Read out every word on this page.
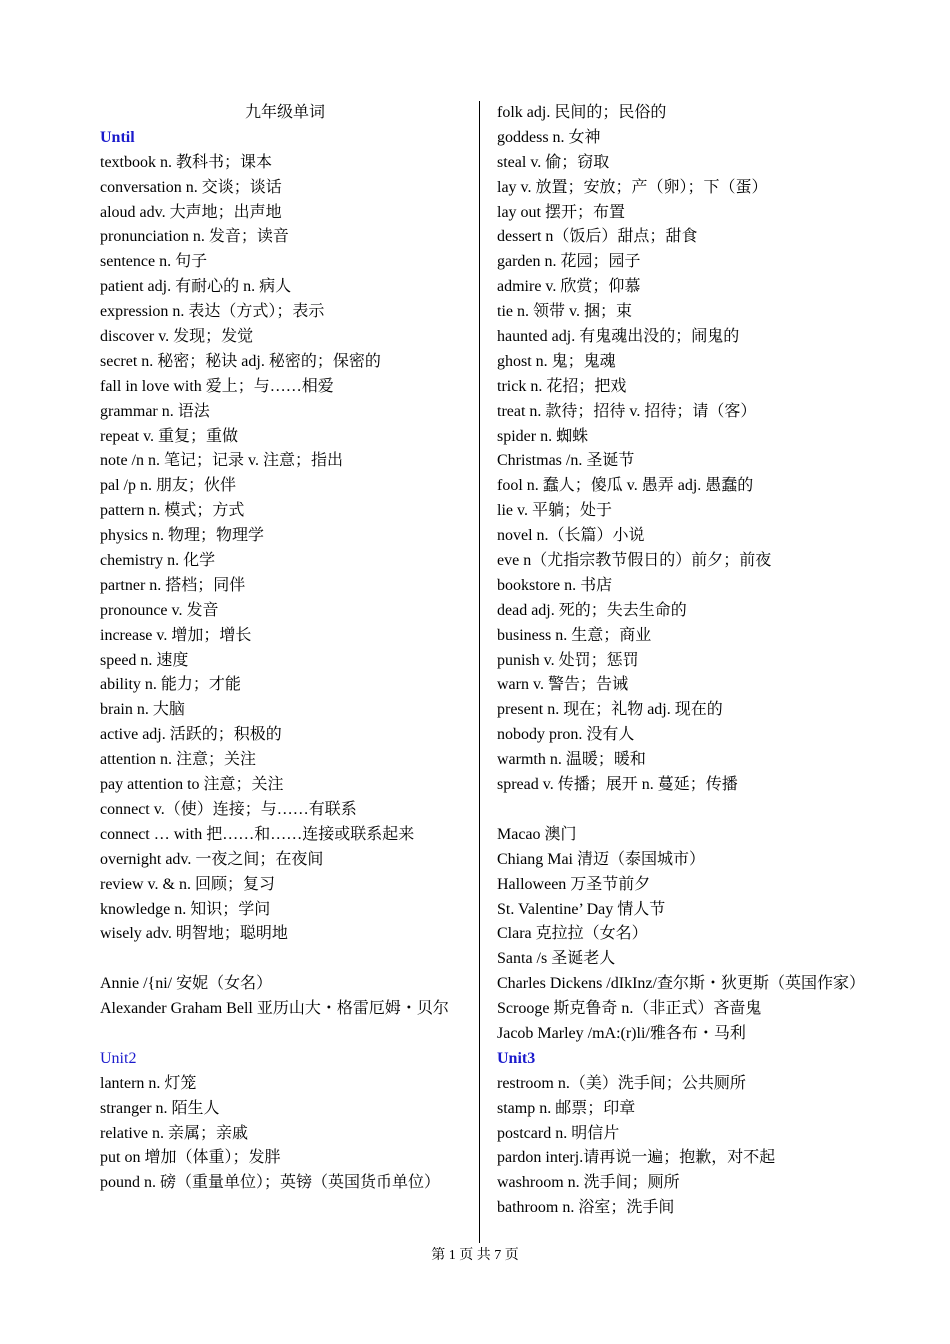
九年级单词
Until
textbook n. 教科书；课本
conversation n. 交谈；谈话
aloud adv. 大声地；出声地
pronunciation n. 发音；读音
sentence n. 句子
patient adj. 有耐心的 n. 病人
expression n. 表达（方式）；表示
discover v. 发现；发觉
secret n. 秘密；秘诀 adj. 秘密的；保密的
fall in love with 爱上；与……相爱
grammar n. 语法
repeat v. 重复；重做
note /n n. 笔记；记录 v. 注意；指出
pal /p n. 朋友；伙伴
pattern n. 模式；方式
physics n. 物理；物理学
chemistry n. 化学
partner n. 搭档；同伴
pronounce v. 发音
increase v. 增加；增长
speed n. 速度
ability n. 能力；才能
brain n. 大脑
active adj. 活跃的；积极的
attention n. 注意；关注
pay attention to 注意；关注
connect v.（使）连接；与……有联系
connect … with 把……和……连接或联系起来
overnight adv. 一夜之间；在夜间
review v. & n. 回顾；复习
knowledge n. 知识；学问
wisely adv. 明智地；聪明地
Annie /{ni/ 安妮（女名）
Alexander Graham Bell 亚历山大・格雷厄姆・贝尔
Unit2
lantern n. 灯笼
stranger n. 陌生人
relative n. 亲属；亲戚
put on 增加（体重）；发胖
pound n. 磅（重量单位）；英镑（英国货币单位）
folk adj. 民间的；民俗的
goddess n. 女神
steal v. 偷；窃取
lay v. 放置；安放；产（卵）；下（蛋）
lay out 摆开；布置
dessert n（饭后）甜点；甜食
garden n. 花园；园子
admire v. 欣赏；仰慕
tie n. 领带 v. 捆；束
haunted adj. 有鬼魂出没的；闹鬼的
ghost n. 鬼；鬼魂
trick n. 花招；把戏
treat n. 款待；招待 v. 招待；请（客）
spider n. 蜘蛛
Christmas /n. 圣诞节
fool n. 蠢人；傻瓜 v. 愚弄 adj. 愚蠢的
lie v. 平躺；处于
novel n.（长篇）小说
eve n（尤指宗教节假日的）前夕；前夜
bookstore n. 书店
dead adj. 死的；失去生命的
business n. 生意；商业
punish v. 处罚；惩罚
warn v. 警告；告诫
present n. 现在；礼物 adj. 现在的
nobody pron. 没有人
warmth n. 温暖；暖和
spread v. 传播；展开 n. 蔓延；传播
Macao 澳门
Chiang Mai 清迈（泰国城市）
Halloween 万圣节前夕
St. Valentine’ Day 情人节
Clara 克拉拉（女名）
Santa /s 圣诞老人
Charles Dickens /dIkInz/查尔斯・狄更斯（英国作家）
Scrooge 斯克鲁奇 n.（非正式）吝啬鬼
Jacob Marley /mA:(r)li/雅各布・马利
Unit3
restroom n.（美）洗手间；公共厕所
stamp n. 邮票；印章
postcard n. 明信片
pardon interj.请再说一遍；抱歉，对不起
washroom n. 洗手间；厕所
bathroom n. 浴室；洗手间
第 1 页 共 7 页
